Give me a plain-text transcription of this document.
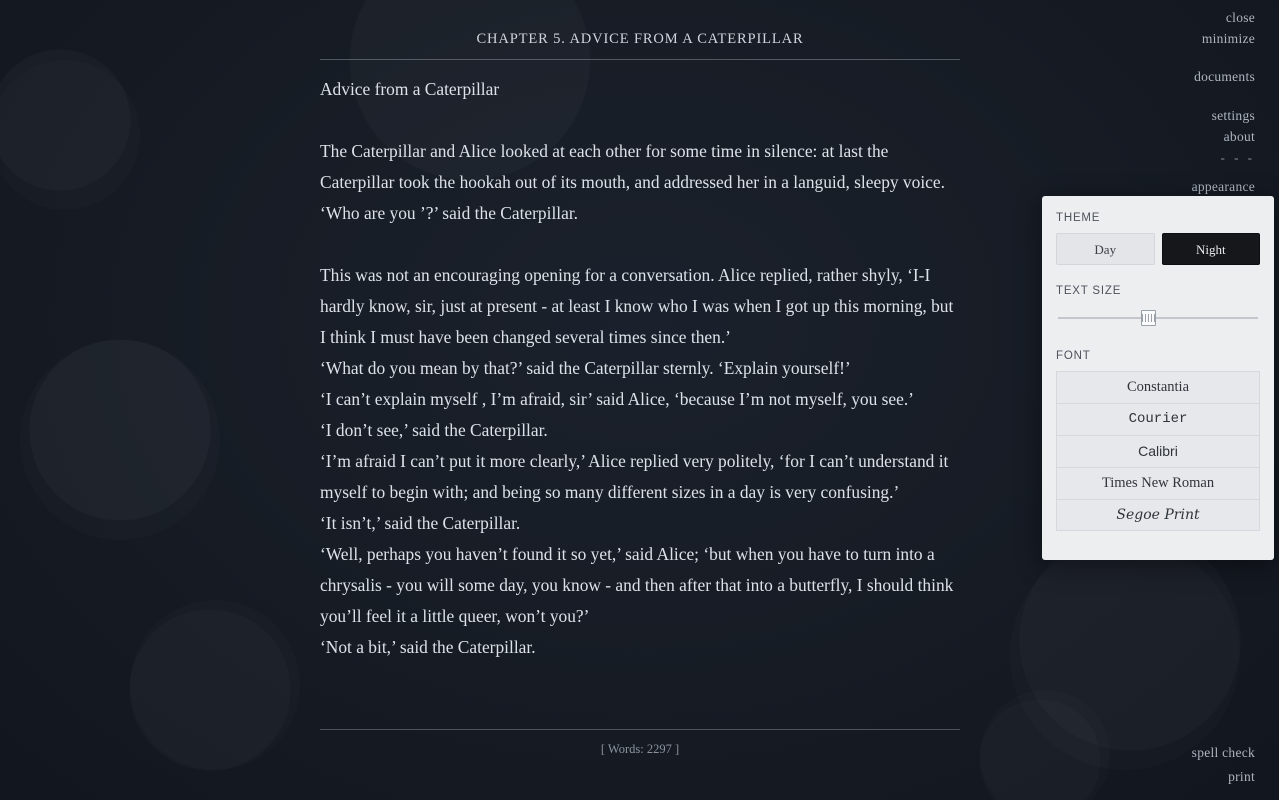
CHAPTER 5. ADVICE FROM A CATERPILLAR

Advice from a Caterpillar

The Caterpillar and Alice looked at each other for some time in silence: at last the Caterpillar took the hookah out of its mouth, and addressed her in a languid, sleepy voice.

‘Who are you ’?’ said the Caterpillar.

This was not an encouraging opening for a conversation. Alice replied, rather shyly, ‘I-I hardly know, sir, just at present - at least I know who I was when I got up this morning, but I think I must have been changed several times since then.’

‘What do you mean by that?’ said the Caterpillar sternly. ‘Explain yourself!’

‘I can’t explain myself , I’m afraid, sir’ said Alice, ‘because I’m not myself, you see.’

‘I don’t see,’ said the Caterpillar.

‘I’m afraid I can’t put it more clearly,’ Alice replied very politely, ‘for I can’t understand it myself to begin with; and being so many different sizes in a day is very confusing.’

‘It isn’t,’ said the Caterpillar.

‘Well, perhaps you haven’t found it so yet,’ said Alice; ‘but when you have to turn into a chrysalis - you will some day, you know - and then after that into a butterfly, I should think you’ll feel it a little queer, won’t you?’

‘Not a bit,’ said the Caterpillar.

[ Words: 2297 ]
close
minimize
documents
settings
about
- - -
appearance
spell check
print
THEME
Day	Night
TEXT SIZE
FONT
Constantia
Courier
Calibri
Times New Roman
Segoe Print
